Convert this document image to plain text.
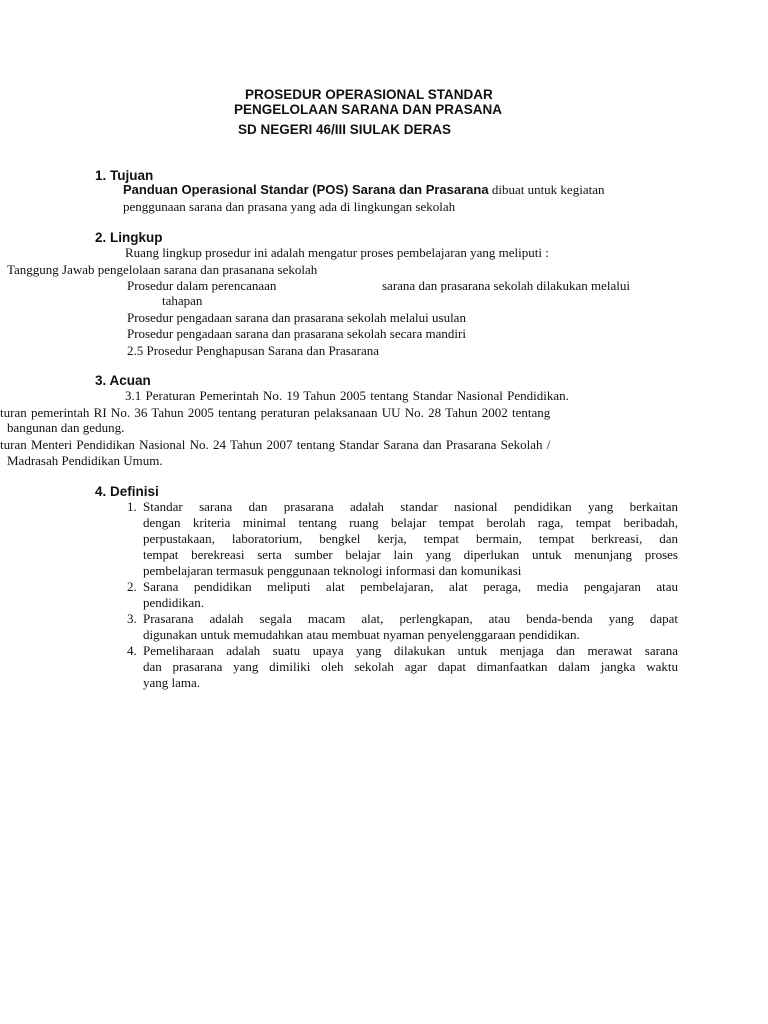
PROSEDUR OPERASIONAL STANDAR
PENGELOLAAN SARANA DAN PRASANA
SD NEGERI 46/III SIULAK DERAS
1. Tujuan
Panduan Operasional Standar (POS) Sarana dan Prasarana dibuat untuk kegiatan
penggunaan sarana dan prasana yang ada di lingkungan sekolah
2. Lingkup
Ruang lingkup prosedur ini adalah mengatur proses pembelajaran yang meliputi :
Tanggung Jawab pengelolaan sarana dan prasanana sekolah
Prosedur dalam perencanaan	sarana dan prasarana sekolah dilakukan melalui
tahapan
Prosedur pengadaan sarana dan prasarana sekolah melalui usulan
Prosedur pengadaan sarana dan prasarana sekolah secara mandiri
2.5 Prosedur Penghapusan Sarana dan Prasarana
3. Acuan
3.1 Peraturan Pemerintah No. 19 Tahun 2005 tentang Standar Nasional Pendidikan.
turan pemerintah RI No. 36 Tahun 2005 tentang peraturan pelaksanaan UU No. 28 Tahun 2002 tentang
bangunan dan gedung.
turan Menteri Pendidikan Nasional No. 24 Tahun 2007 tentang Standar Sarana dan Prasarana Sekolah /
Madrasah Pendidikan Umum.
4. Definisi
1. Standar sarana dan prasarana adalah standar nasional pendidikan yang berkaitan
dengan kriteria minimal tentang ruang belajar tempat berolah raga, tempat beribadah,
perpustakaan, laboratorium, bengkel kerja, tempat bermain, tempat berkreasi, dan
tempat berekreasi serta sumber belajar lain yang diperlukan untuk menunjang proses
pembelajaran termasuk penggunaan teknologi informasi dan komunikasi
2. Sarana pendidikan meliputi alat pembelajaran, alat peraga, media pengajaran atau
pendidikan.
3. Prasarana adalah segala macam alat, perlengkapan, atau benda-benda yang dapat
digunakan untuk memudahkan atau membuat nyaman penyelenggaraan pendidikan.
4. Pemeliharaan adalah suatu upaya yang dilakukan untuk menjaga dan merawat sarana
dan prasarana yang dimiliki oleh sekolah agar dapat dimanfaatkan dalam jangka waktu
yang lama.
